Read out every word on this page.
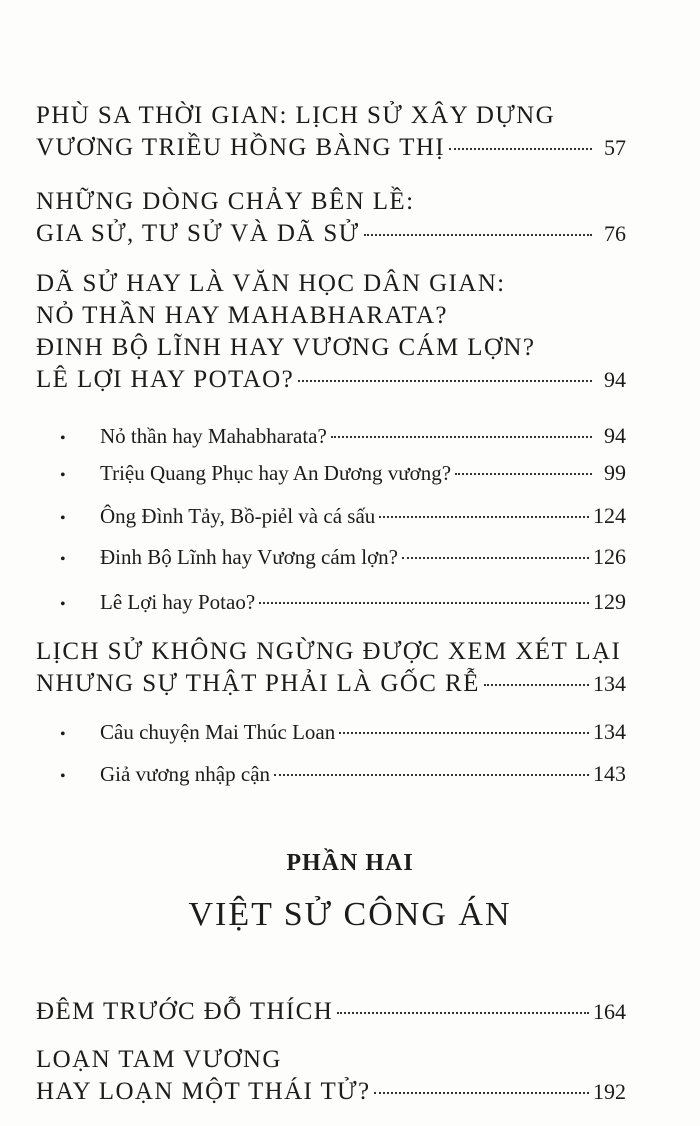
PHÙ SA THỜI GIAN: LỊCH SỬ XÂY DỰNG
VƯƠNG TRIỀU HỒNG BÀNG THỊ	57
NHỮNG DÒNG CHẢY BÊN LỀ:
GIA SỬ, TƯ SỬ VÀ DÃ SỬ	76
DÃ SỬ HAY LÀ VĂN HỌC DÂN GIAN:
NỎ THẦN HAY MAHABHARATA?
ĐINH BỘ LĨNH HAY VƯƠNG CÁM LỢN?
LÊ LỢI HAY POTAO?	94
•	Nỏ thần hay Mahabharata?	94
•	Triệu Quang Phục hay An Dương vương?	99
•	Ông Đình Tảy, Bồ-piẻl và cá sấu	124
•	Đinh Bộ Lĩnh hay Vương cám lợn?	126
•	Lê Lợi hay Potao?	129
LỊCH SỬ KHÔNG NGỪNG ĐƯỢC XEM XÉT LẠI
NHƯNG SỰ THẬT PHẢI LÀ GỐC RỄ	134
•	Câu chuyện Mai Thúc Loan	134
•	Giả vương nhập cận	143
PHẦN HAI
VIỆT SỬ CÔNG ÁN
ĐÊM TRƯỚC ĐỖ THÍCH	164
LOẠN TAM VƯƠNG
HAY LOẠN MỘT THÁI TỬ?	192
